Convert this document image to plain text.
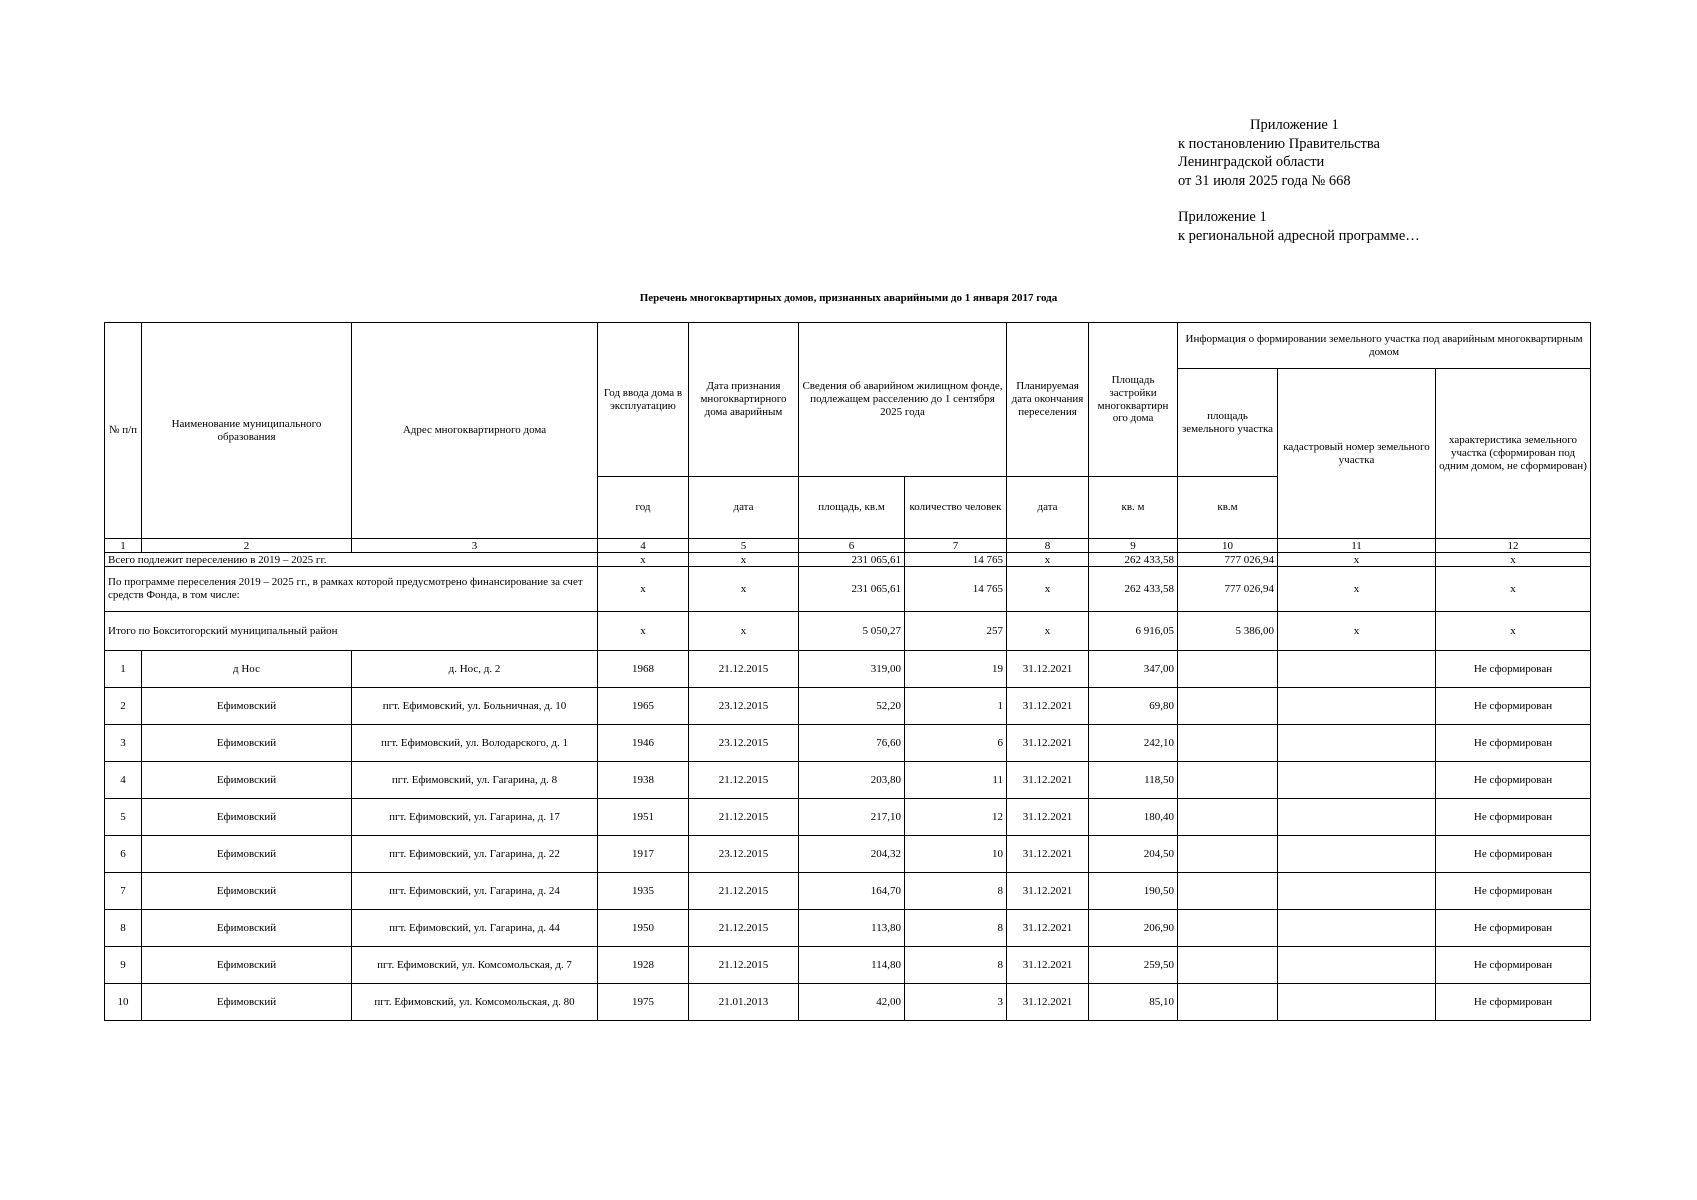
Приложение 1
к постановлению Правительства
Ленинградской области
от 31 июля 2025 года № 668
Приложение 1
к региональной адресной программе…
Перечень многоквартирных домов, признанных аварийными до 1 января 2017 года
№ п/п	Наименование муниципального образования	Адрес многоквартирного дома	Год ввода дома в эксплуатацию	Дата признания многоквартирного дома аварийным	Сведения об аварийном жилищном фонде, подлежащем расселению до 1 сентября 2025 года		Планируемая дата окончания переселения	Площадь застройки многоквартирн ого дома	Информация о формировании земельного участка под аварийным многоквартирным домом		
									площадь земельного участка	кадастровый номер земельного участка	характеристика земельного участка (сформирован под одним домом, не сформирован)
			год	дата	площадь, кв.м	количество человек	дата	кв. м	кв.м		
1	2	3	4	5	6	7	8	9	10	11	12
Всего подлежит переселению в 2019 – 2025 гг.			x	x	231 065,61	14 765	x	262 433,58	777 026,94	x	x
По программе переселения 2019 – 2025 гг., в рамках которой предусмотрено финансирование за счет средств Фонда, в том числе:			x	x	231 065,61	14 765	x	262 433,58	777 026,94	x	x
Итого по Бокситогорский муниципальный район			x	x	5 050,27	257	x	6 916,05	5 386,00	x	x
1	д Нос	д. Нос, д. 2	1968	21.12.2015	319,00	19	31.12.2021	347,00			Не сформирован
2	Ефимовский	пгт. Ефимовский, ул. Больничная, д. 10	1965	23.12.2015	52,20	1	31.12.2021	69,80			Не сформирован
3	Ефимовский	пгт. Ефимовский, ул. Володарского, д. 1	1946	23.12.2015	76,60	6	31.12.2021	242,10			Не сформирован
4	Ефимовский	пгт. Ефимовский, ул. Гагарина, д. 8	1938	21.12.2015	203,80	11	31.12.2021	118,50			Не сформирован
5	Ефимовский	пгт. Ефимовский, ул. Гагарина, д. 17	1951	21.12.2015	217,10	12	31.12.2021	180,40			Не сформирован
6	Ефимовский	пгт. Ефимовский, ул. Гагарина, д. 22	1917	23.12.2015	204,32	10	31.12.2021	204,50			Не сформирован
7	Ефимовский	пгт. Ефимовский, ул. Гагарина, д. 24	1935	21.12.2015	164,70	8	31.12.2021	190,50			Не сформирован
8	Ефимовский	пгт. Ефимовский, ул. Гагарина, д. 44	1950	21.12.2015	113,80	8	31.12.2021	206,90			Не сформирован
9	Ефимовский	пгт. Ефимовский, ул. Комсомольская, д. 7	1928	21.12.2015	114,80	8	31.12.2021	259,50			Не сформирован
10	Ефимовский	пгт. Ефимовский, ул. Комсомольская, д. 80	1975	21.01.2013	42,00	3	31.12.2021	85,10			Не сформирован
